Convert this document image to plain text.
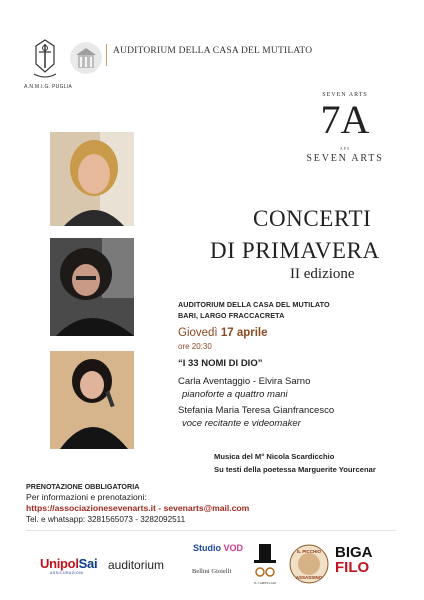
A.N.M.I.G. PUGLIA
AUDITORIUM DELLA CASA DEL MUTILATO
SEVEN ARTS
7A
APS
SEVEN ARTS
CONCERTI
DI PRIMAVERA
II edizione
AUDITORIUM DELLA CASA DEL MUTILATO
BARI, LARGO FRACCACRETA
Giovedì 17 aprile
ore 20:30
“I 33 NOMI DI DIO”
Carla Aventaggio - Elvira Sarno
pianoforte a quattro mani
Stefania Maria Teresa Gianfrancesco
voce recitante e videomaker
Musica del M° Nicola Scardicchio
Su testi della poetessa Marguerite Yourcenar
PRENOTAZIONE OBBLIGATORIA
Per informazioni e prenotazioni:
https://associazionesevenarts.it - sevenarts@mail.com
Tel. e whatsapp: 3281565073 - 3282092511
UnipolSai
ASSICURAZIONI
auditorium
Studio VOD
Bellini Gioielli
IL CAPPELLAIO
IL PICCHIO
ASSASSINO
BIGA
FILO
